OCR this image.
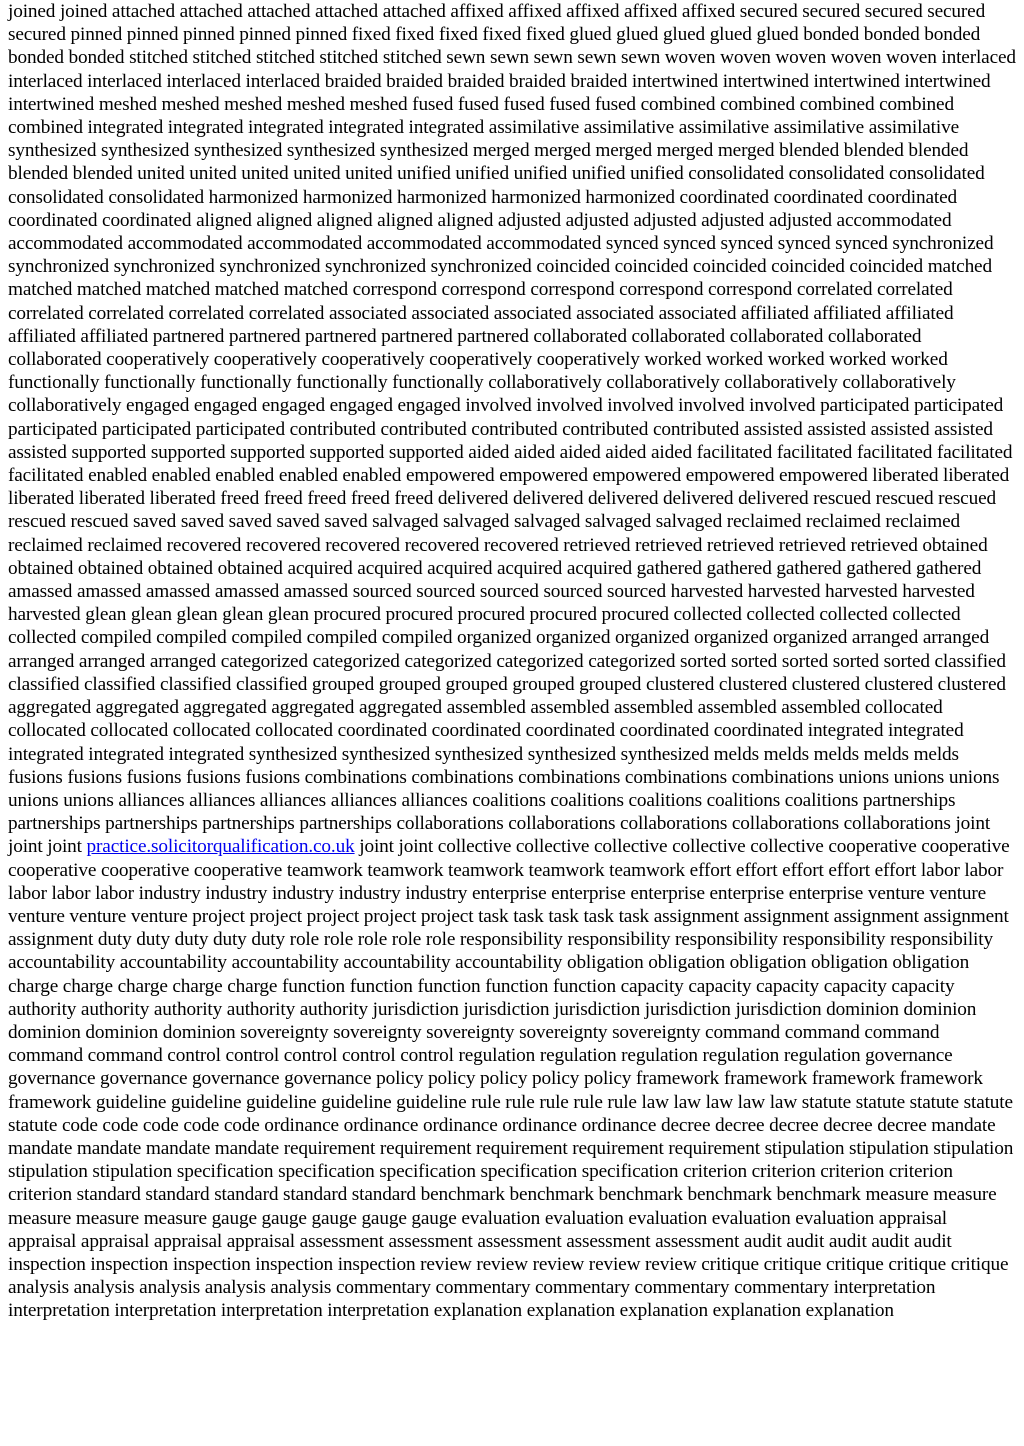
joined joined attached attached attached attached attached affixed affixed affixed affixed affixed secured secured secured secured secured pinned pinned pinned pinned pinned fixed fixed fixed fixed fixed glued glued glued glued glued bonded bonded bonded bonded bonded stitched stitched stitched stitched stitched sewn sewn sewn sewn sewn woven woven woven woven woven interlaced interlaced interlaced interlaced interlaced braided braided braided braided braided intertwined intertwined intertwined intertwined intertwined meshed meshed meshed meshed meshed fused fused fused fused fused combined combined combined combined combined integrated integrated integrated integrated integrated assimilative assimilative assimilative assimilative assimilative synthesized synthesized synthesized synthesized synthesized merged merged merged merged merged blended blended blended blended blended united united united united united unified unified unified unified unified consolidated consolidated consolidated consolidated consolidated harmonized harmonized harmonized harmonized harmonized coordinated coordinated coordinated coordinated coordinated aligned aligned aligned aligned aligned adjusted adjusted adjusted adjusted adjusted accommodated accommodated accommodated accommodated accommodated accommodated synced synced synced synced synced synchronized synchronized synchronized synchronized synchronized synchronized coincided coincided coincided coincided coincided matched matched matched matched matched matched correspond correspond correspond correspond correspond correlated correlated correlated correlated correlated correlated associated associated associated associated associated affiliated affiliated affiliated affiliated affiliated partnered partnered partnered partnered partnered collaborated collaborated collaborated collaborated collaborated cooperatively cooperatively cooperatively cooperatively cooperatively worked worked worked worked worked functionally functionally functionally functionally functionally collaboratively collaboratively collaboratively collaboratively collaboratively engaged engaged engaged engaged engaged involved involved involved involved involved participated participated participated participated participated contributed contributed contributed contributed contributed assisted assisted assisted assisted assisted supported supported supported supported supported aided aided aided aided aided facilitated facilitated facilitated facilitated facilitated enabled enabled enabled enabled enabled empowered empowered empowered empowered empowered liberated liberated liberated liberated liberated freed freed freed freed freed delivered delivered delivered delivered delivered rescued rescued rescued rescued rescued saved saved saved saved saved salvaged salvaged salvaged salvaged salvaged reclaimed reclaimed reclaimed reclaimed reclaimed recovered recovered recovered recovered recovered retrieved retrieved retrieved retrieved retrieved obtained obtained obtained obtained obtained acquired acquired acquired acquired acquired gathered gathered gathered gathered gathered amassed amassed amassed amassed amassed sourced sourced sourced sourced sourced harvested harvested harvested harvested harvested glean glean glean glean glean procured procured procured procured procured collected collected collected collected collected compiled compiled compiled compiled compiled organized organized organized organized organized arranged arranged arranged arranged arranged categorized categorized categorized categorized categorized sorted sorted sorted sorted sorted classified classified classified classified classified grouped grouped grouped grouped grouped clustered clustered clustered clustered clustered aggregated aggregated aggregated aggregated aggregated assembled assembled assembled assembled assembled collocated collocated collocated collocated collocated coordinated coordinated coordinated coordinated coordinated integrated integrated integrated integrated integrated synthesized synthesized synthesized synthesized synthesized melds melds melds melds melds fusions fusions fusions fusions fusions combinations combinations combinations combinations combinations unions unions unions unions unions alliances alliances alliances alliances alliances coalitions coalitions coalitions coalitions coalitions partnerships partnerships partnerships partnerships partnerships collaborations collaborations collaborations collaborations collaborations joint joint joint practice.solicitorqualification.co.uk joint joint collective collective collective collective collective cooperative cooperative cooperative cooperative cooperative teamwork teamwork teamwork teamwork teamwork effort effort effort effort effort labor labor labor labor labor industry industry industry industry industry enterprise enterprise enterprise enterprise enterprise venture venture venture venture venture project project project project project task task task task task assignment assignment assignment assignment assignment duty duty duty duty duty role role role role role responsibility responsibility responsibility responsibility responsibility accountability accountability accountability accountability accountability obligation obligation obligation obligation obligation charge charge charge charge charge function function function function function capacity capacity capacity capacity capacity authority authority authority authority authority jurisdiction jurisdiction jurisdiction jurisdiction jurisdiction dominion dominion dominion dominion dominion sovereignty sovereignty sovereignty sovereignty sovereignty command command command command command control control control control control regulation regulation regulation regulation regulation governance governance governance governance governance policy policy policy policy policy framework framework framework framework framework guideline guideline guideline guideline guideline rule rule rule rule rule law law law law law statute statute statute statute statute code code code code code ordinance ordinance ordinance ordinance ordinance decree decree decree decree decree mandate mandate mandate mandate mandate requirement requirement requirement requirement requirement stipulation stipulation stipulation stipulation stipulation specification specification specification specification specification criterion criterion criterion criterion criterion standard standard standard standard standard benchmark benchmark benchmark benchmark benchmark measure measure measure measure measure gauge gauge gauge gauge gauge evaluation evaluation evaluation evaluation evaluation appraisal appraisal appraisal appraisal appraisal assessment assessment assessment assessment assessment audit audit audit audit audit inspection inspection inspection inspection inspection review review review review review critique critique critique critique critique analysis analysis analysis analysis analysis commentary commentary commentary commentary commentary interpretation interpretation interpretation interpretation interpretation explanation explanation explanation explanation explanation
